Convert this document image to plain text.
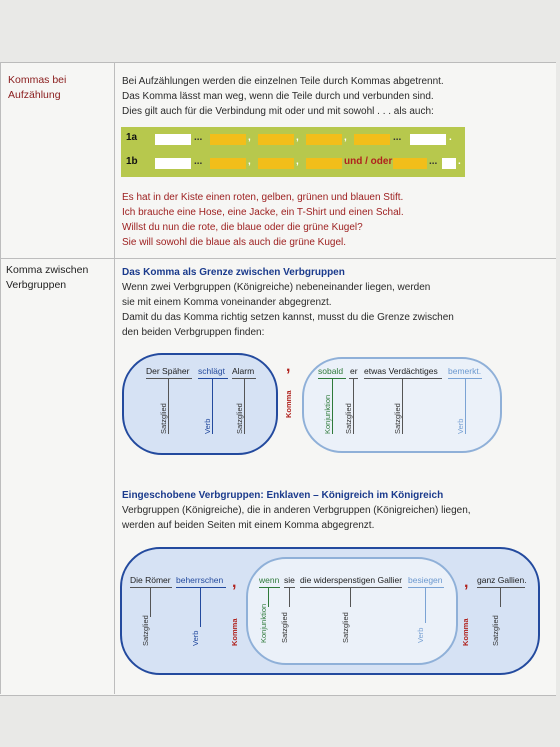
Kommas bei Aufzählung
Komma zwischen Verbgruppen
Bei Aufzählungen werden die einzelnen Teile durch Kommas abgetrennt.
Das Komma lässt man weg, wenn die Teile durch und verbunden sind.
Dies gilt auch für die Verbindung mit oder und mit sowohl . . . als auch:
1a	...	,	,	,	...	.
1b	...	,	,	und / oder	... .
Es hat in der Kiste einen roten, gelben, grünen und blauen Stift.
Ich brauche eine Hose, eine Jacke, ein T-Shirt und einen Schal.
Willst du nun die rote, die blaue oder die grüne Kugel?
Sie will sowohl die blaue als auch die grüne Kugel.
Das Komma als Grenze zwischen Verbgruppen
Wenn zwei Verbgruppen (Königreiche) nebeneinander liegen, werden
sie mit einem Komma voneinander abgegrenzt.
Damit du das Komma richtig setzen kannst, musst du die Grenze zwischen
den beiden Verbgruppen finden:
,
Der Späher schlägt Alarm
Satzglied	Verb	Satzglied	Komma
sobald er etwas Verdächtiges bemerkt.
Konjunktion Satzglied	Satzglied	Verb
Eingeschobene Verbgruppen: Enklaven – Königreich im Königreich
Verbgruppen (Königreiche), die in anderen Verbgruppen (Königreichen) liegen,
werden auf beiden Seiten mit einem Komma abgegrenzt.
Die Römer beherrschen ,
Satzglied	Verb	Komma
wenn sie die widerspenstigen Gallier besiegen
Konjunktion Satzglied	Satzglied	Verb
, ganz Gallien.
Komma	Satzglied
